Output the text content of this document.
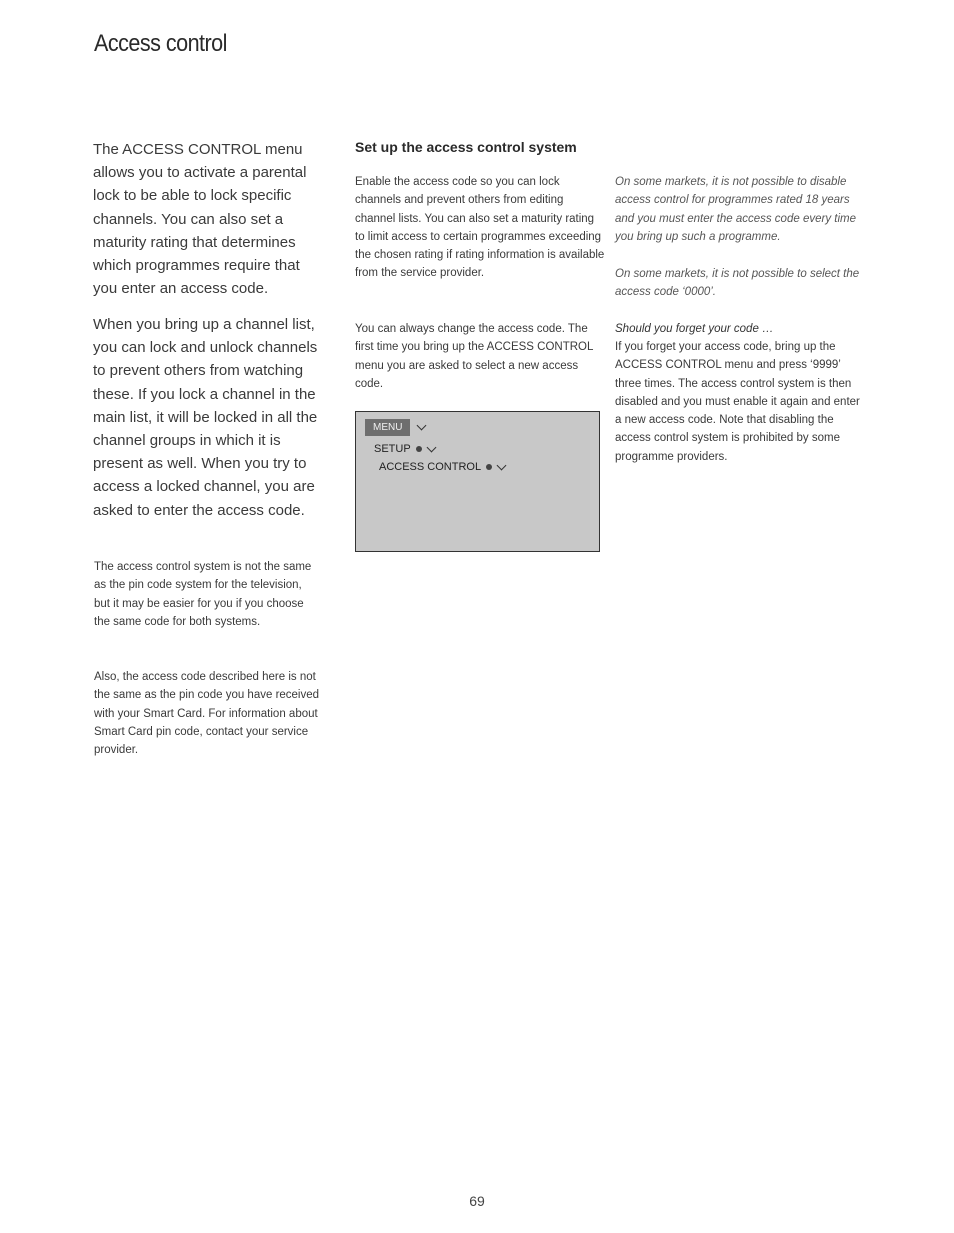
Access control

The ACCESS CONTROL menu allows you to activate a parental lock to be able to lock specific channels. You can also set a maturity rating that determines which programmes require that you enter an access code.

When you bring up a channel list, you can lock and unlock channels to prevent others from watching these. If you lock a channel in the main list, it will be locked in all the channel groups in which it is present as well. When you try to access a locked channel, you are asked to enter the access code.

The access control system is not the same as the pin code system for the television, but it may be easier for you if you choose the same code for both systems.

Also, the access code described here is not the same as the pin code you have received with your Smart Card. For information about Smart Card pin code, contact your service provider.

Set up the access control system

Enable the access code so you can lock channels and prevent others from editing channel lists. You can also set a maturity rating to limit access to certain programmes exceeding the chosen rating if rating information is available from the service provider.

You can always change the access code. The first time you bring up the ACCESS CONTROL menu you are asked to select a new access code.

MENU
SETUP
ACCESS CONTROL

On some markets, it is not possible to disable access control for programmes rated 18 years and you must enter the access code every time you bring up such a programme.

On some markets, it is not possible to select the access code ‘0000’.

Should you forget your code …

If you forget your access code, bring up the ACCESS CONTROL menu and press ‘9999’ three times. The access control system is then disabled and you must enable it again and enter a new access code. Note that disabling the access control system is prohibited by some programme providers.

69
